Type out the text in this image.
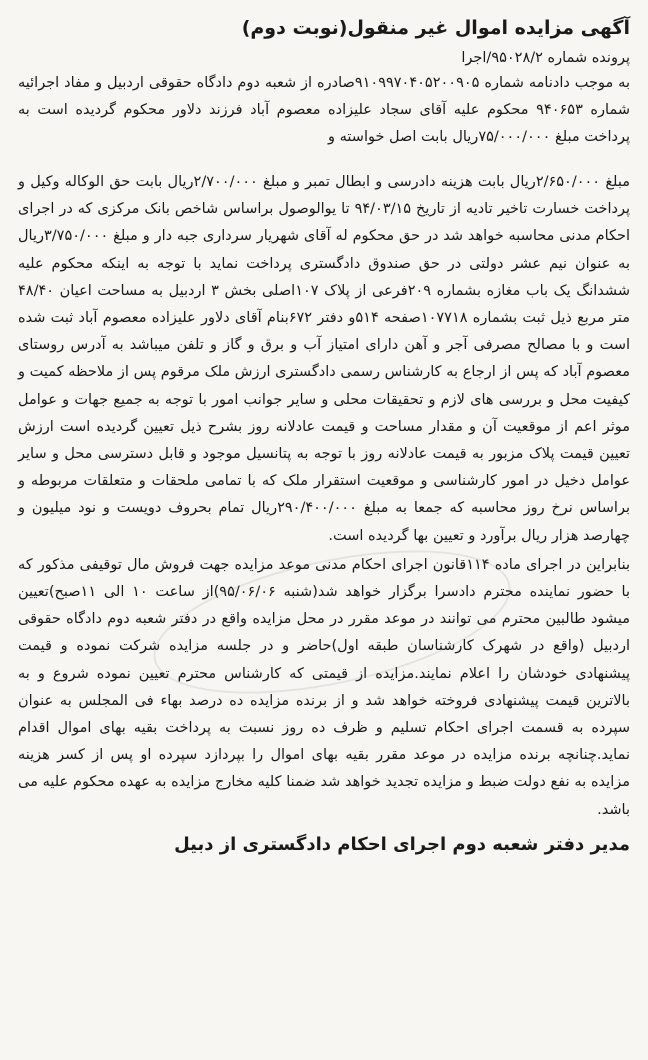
آگهی مزایده اموال غیر منقول(نوبت دوم)
پرونده شماره ۹۵۰۲۸/۲/اجرا

به موجب دادنامه شماره ۹۱۰۹۹۷۰۴۰۵۲۰۰۹۰۵صادره از شعبه دوم دادگاه حقوقی اردبیل و مفاد اجرائیه شماره ۹۴۰۶۵۳ محکوم علیه آقای سجاد علیزاده معصوم آباد فرزند دلاور محکوم گردیده است به پرداخت مبلغ ۷۵/۰۰۰/۰۰۰ریال بابت اصل خواسته و

مبلغ ۲/۶۵۰/۰۰۰ریال بابت هزینه دادرسی و ابطال تمبر و مبلغ ۲/۷۰۰/۰۰۰ریال بابت حق الوکاله وکیل و پرداخت خسارت تاخیر تادیه از تاریخ ۹۴/۰۳/۱۵ تا یوالوصول براساس شاخص بانک مرکزی که در اجرای احکام مدنی محاسبه خواهد شد در حق محکوم له آقای شهریار سرداری جبه دار و مبلغ ۳/۷۵۰/۰۰۰ریال به عنوان نیم عشر دولتی در حق صندوق دادگستری پرداخت نماید با توجه به اینکه محکوم علیه ششدانگ یک باب مغازه بشماره ۲۰۹فرعی از پلاک ۱۰۷اصلی بخش ۳ اردبیل به مساحت اعیان ۴۸/۴۰ متر مربع ذیل ثبت بشماره ۱۰۷۷۱۸صفحه ۵۱۴و دفتر ۶۷۲بنام آقای دلاور علیزاده معصوم آباد ثبت شده است و با مصالح مصرفی آجر و آهن دارای امتیاز آب و برق و گاز و تلفن میباشد به آدرس روستای معصوم آباد که پس از ارجاع به کارشناس رسمی دادگستری ارزش ملک مرقوم پس از ملاحظه کمیت و کیفیت محل و بررسی های لازم و تحقیقات محلی و سایر جوانب امور با توجه به جمیع جهات و عوامل موثر اعم از موقعیت آن و مقدار مساحت و قیمت عادلانه روز بشرح ذیل تعیین گردیده است ارزش تعیین قیمت پلاک مزبور به قیمت عادلانه روز با توجه به پتانسیل موجود و قابل دسترسی محل و سایر عوامل دخیل در امور کارشناسی و موقعیت استقرار ملک که با تمامی ملحقات و متعلقات مربوطه و براساس نرخ روز محاسبه که جمعا به مبلغ ۲۹۰/۴۰۰/۰۰۰ریال تمام بحروف دویست و نود میلیون و چهارصد هزار ریال برآورد و تعیین بها گردیده است.

بنابراین در اجرای ماده ۱۱۴قانون اجرای احکام مدنی موعد مزایده جهت فروش مال توقیفی مذکور که با حضور نماینده محترم دادسرا برگزار خواهد شد(شنبه ۹۵/۰۶/۰۶)از ساعت ۱۰ الی ۱۱صبح)تعیین میشود طالبین محترم می توانند در موعد مقرر در محل مزایده واقع در دفتر شعبه دوم دادگاه حقوقی اردبیل (واقع در شهرک کارشناسان طبقه اول)حاضر و در جلسه مزایده شرکت نموده و قیمت پیشنهادی خودشان را اعلام نمایند.مزایده از قیمتی که کارشناس محترم تعیین نموده شروع و به بالاترین قیمت پیشنهادی فروخته خواهد شد و از برنده مزایده ده درصد بهاء فی المجلس به عنوان سپرده به قسمت اجرای احکام تسلیم و ظرف ده روز نسبت به پرداخت بقیه بهای اموال اقدام نماید.چنانچه برنده مزایده در موعد مقرر بقیه بهای اموال را بپردازد سپرده او پس از کسر هزینه مزایده به نفع دولت ضبط و مزایده تجدید خواهد شد ضمنا کلیه مخارج مزایده به عهده محکوم علیه می باشد.

مدیر دفتر شعبه دوم اجرای احکام دادگستری از دبیل
